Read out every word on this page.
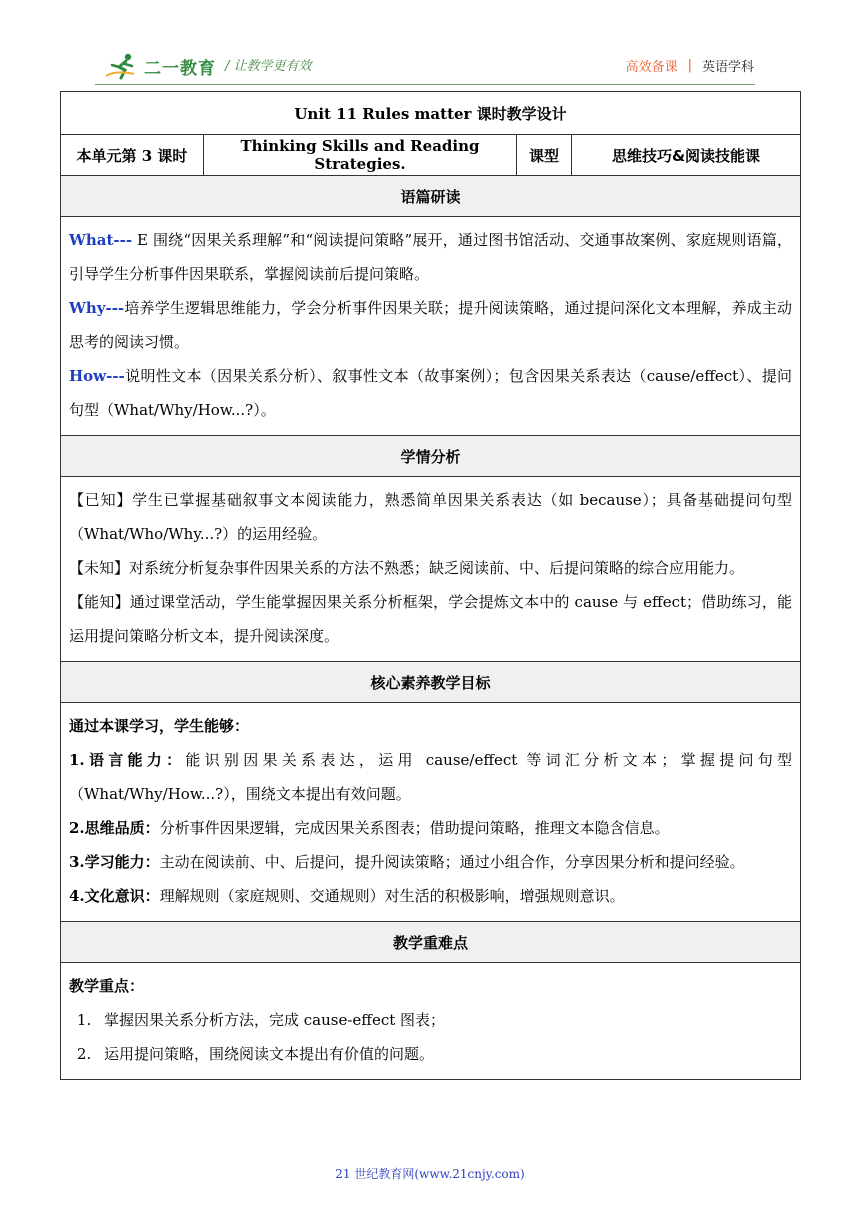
二一教育 / 让教学更有效	高效备课 | 英语学科
Unit 11 Rules matter 课时教学设计
本单元第 3 课时	Thinking Skills and Reading Strategies.	课型	思维技巧&阅读技能课
语篇研读

What--- E 围绕“因果关系理解”和“阅读提问策略”展开，通过图书馆活动、交通事故案例、家庭规则语篇，引导学生分析事件因果联系，掌握阅读前后提问策略。

Why---培养学生逻辑思维能力，学会分析事件因果关联；提升阅读策略，通过提问深化文本理解，养成主动思考的阅读习惯。

How---说明性文本（因果关系分析）、叙事性文本（故事案例）；包含因果关系表达（cause/effect）、提问句型（What/Why/How...?）。

学情分析

【已知】学生已掌握基础叙事文本阅读能力，熟悉简单因果关系表达（如 because）；具备基础提问句型（What/Who/Why...?）的运用经验。

【未知】对系统分析复杂事件因果关系的方法不熟悉；缺乏阅读前、中、后提问策略的综合应用能力。

【能知】通过课堂活动，学生能掌握因果关系分析框架，学会提炼文本中的 cause 与 effect；借助练习，能运用提问策略分析文本，提升阅读深度。

核心素养教学目标

通过本课学习，学生能够：

1.语言能力：能识别因果关系表达，运用 cause/effect 等词汇分析文本；掌握提问句型（What/Why/How...?），围绕文本提出有效问题。

2.思维品质：分析事件因果逻辑，完成因果关系图表；借助提问策略，推理文本隐含信息。

3.学习能力：主动在阅读前、中、后提问，提升阅读策略；通过小组合作，分享因果分析和提问经验。

4.文化意识：理解规则（家庭规则、交通规则）对生活的积极影响，增强规则意识。

教学重难点

教学重点：

1. 掌握因果关系分析方法，完成 cause-effect 图表；
2. 运用提问策略，围绕阅读文本提出有价值的问题。
21 世纪教育网(www.21cnjy.com)
